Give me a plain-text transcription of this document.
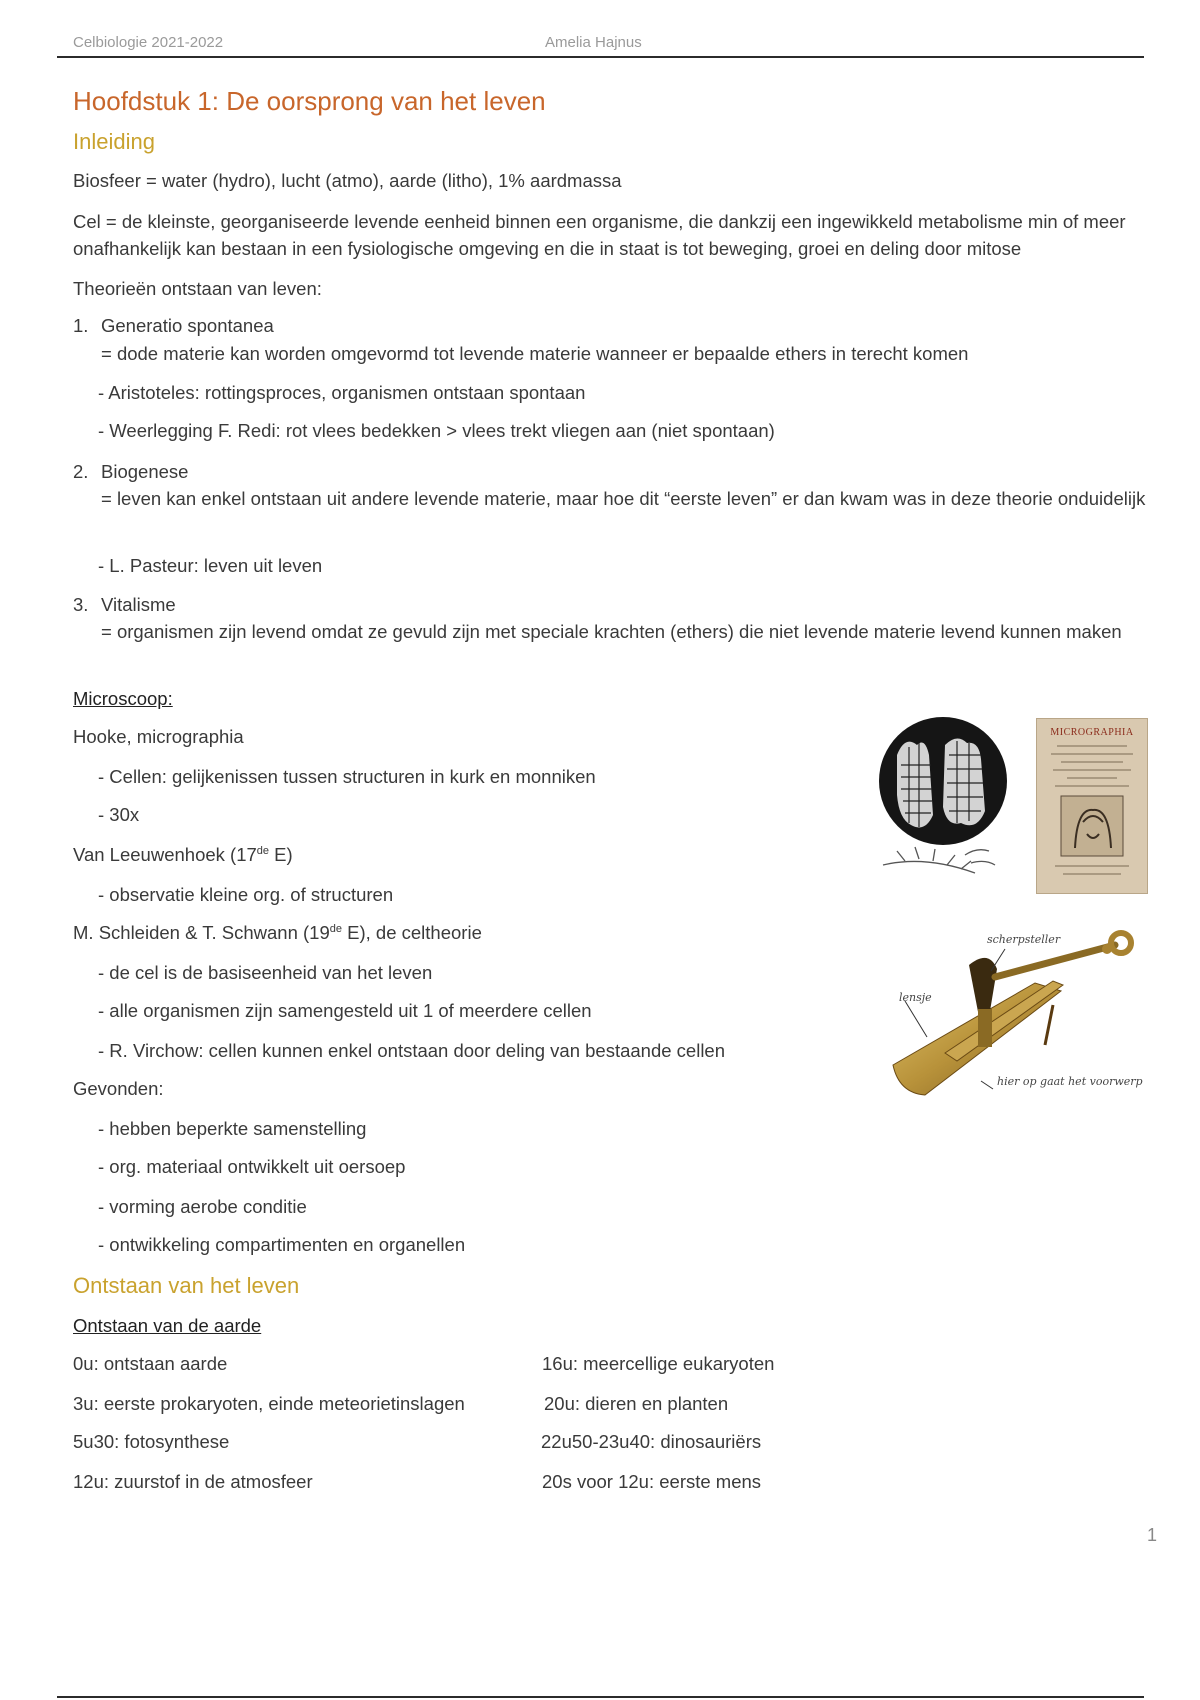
Celbiologie 2021-2022	Amelia Hajnus
Hoofdstuk 1: De oorsprong van het leven
Inleiding
Biosfeer = water (hydro), lucht (atmo), aarde (litho), 1% aardmassa
Cel = de kleinste, georganiseerde levende eenheid binnen een organisme, die dankzij een ingewikkeld metabolisme min of meer onafhankelijk kan bestaan in een fysiologische omgeving en die in staat is tot beweging, groei en deling door mitose
Theorieën ontstaan van leven:
1. Generatio spontanea
= dode materie kan worden omgevormd tot levende materie wanneer er bepaalde ethers in terecht komen
- Aristoteles: rottingsproces, organismen ontstaan spontaan
- Weerlegging F. Redi: rot vlees bedekken > vlees trekt vliegen aan (niet spontaan)
2. Biogenese
= leven kan enkel ontstaan uit andere levende materie, maar hoe dit “eerste leven” er dan kwam was in deze theorie onduidelijk
- L. Pasteur: leven uit leven
3. Vitalisme
= organismen zijn levend omdat ze gevuld zijn met speciale krachten (ethers) die niet levende materie levend kunnen maken
Microscoop:
Hooke, micrographia
- Cellen: gelijkenissen tussen structuren in kurk en monniken
- 30x
Van Leeuwenhoek (17de E)
- observatie kleine org. of structuren
M. Schleiden & T. Schwann (19de E), de celtheorie
- de cel is de basiseenheid van het leven
- alle organismen zijn samengesteld uit 1 of meerdere cellen
- R. Virchow: cellen kunnen enkel ontstaan door deling van bestaande cellen
Gevonden:
- hebben beperkte samenstelling
- org. materiaal ontwikkelt uit oersoep
- vorming aerobe conditie
- ontwikkeling compartimenten en organellen
MICROGRAPHIA
scherpsteller
lensje
hier op gaat het voorwerp
Ontstaan van het leven
Ontstaan van de aarde
0u: ontstaan aarde
3u: eerste prokaryoten, einde meteorietinslagen
5u30: fotosynthese
12u: zuurstof in de atmosfeer
16u: meercellige eukaryoten
20u: dieren en planten
22u50-23u40: dinosauriërs
20s voor 12u: eerste mens
1
